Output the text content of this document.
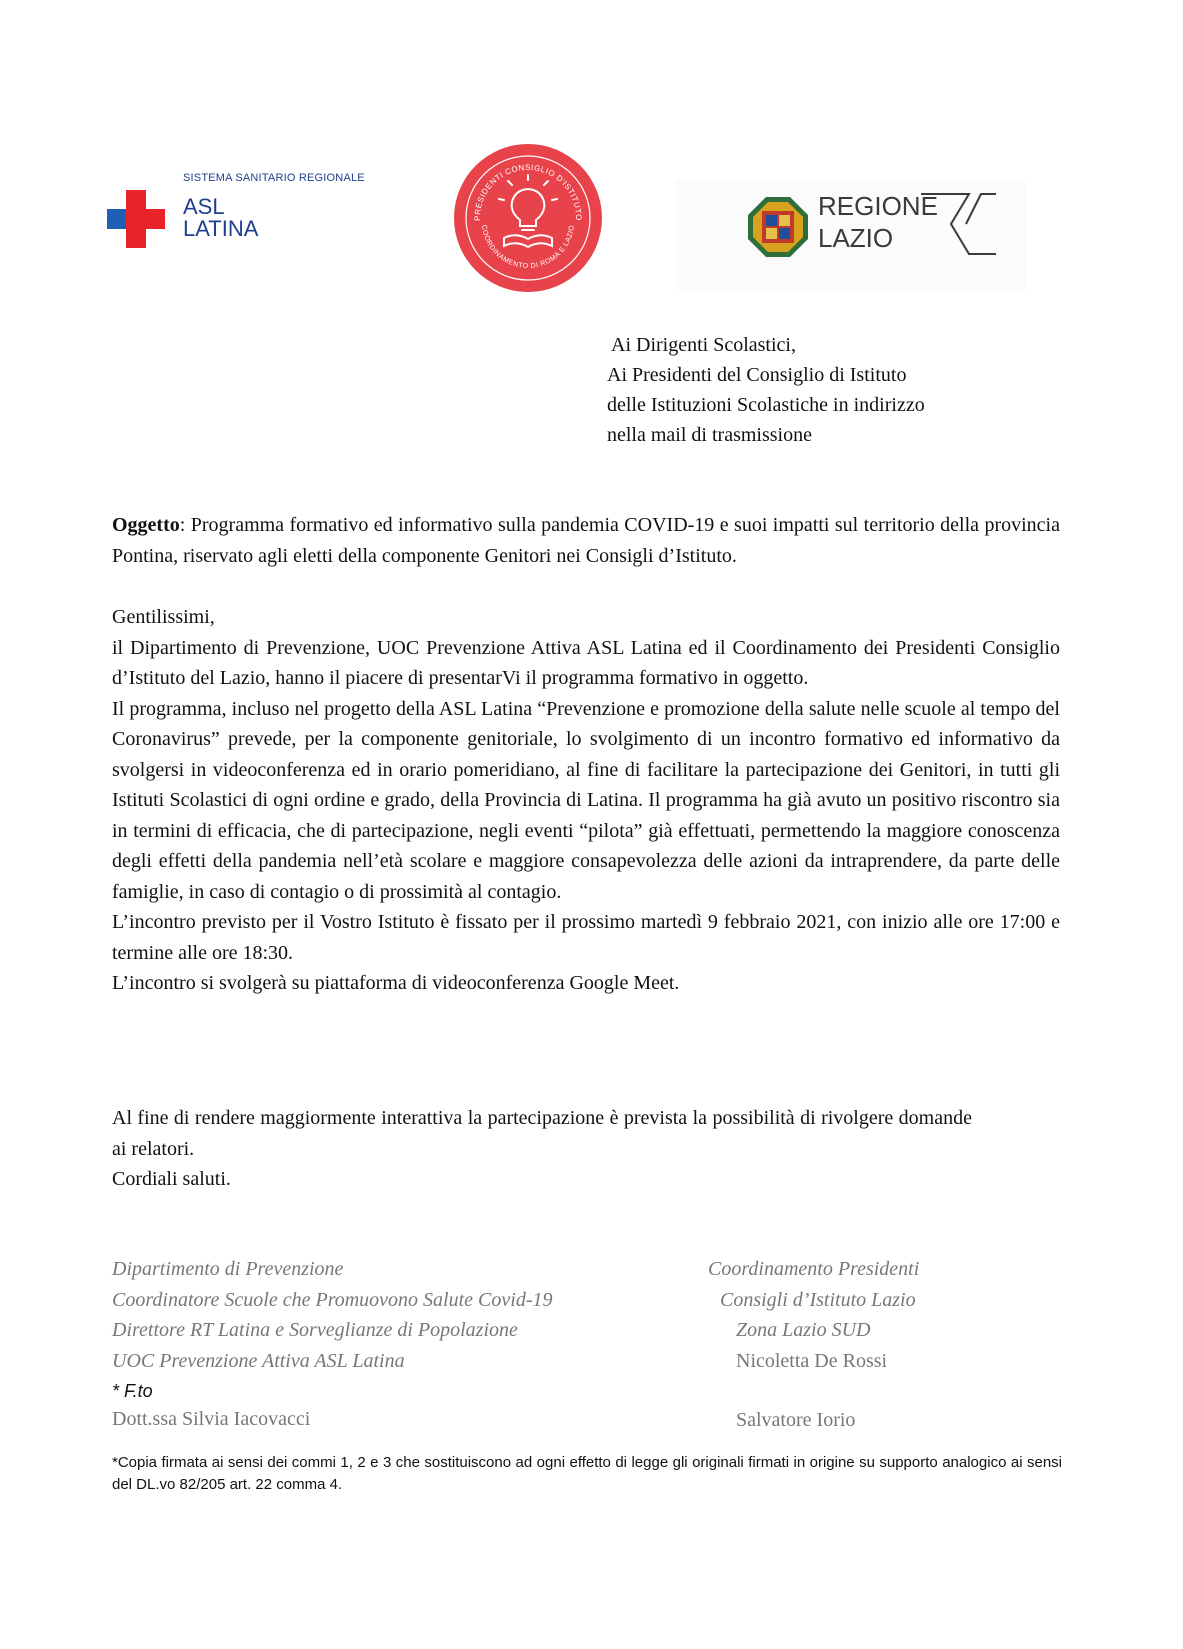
SISTEMA SANITARIO REGIONALE
ASL
LATINA	PRESIDENTI CONSIGLIO D'ISTITUTO
COORDINAMENTO DI ROMA E LAZIO
REGIONE
LAZIO
Ai Dirigenti Scolastici,
Ai Presidenti del Consiglio di Istituto
delle Istituzioni Scolastiche in indirizzo
nella mail di trasmissione
Oggetto: Programma formativo ed informativo sulla pandemia COVID-19 e suoi impatti sul territorio della provincia Pontina, riservato agli eletti della componente Genitori nei Consigli d’Istituto.

Gentilissimi,

il Dipartimento di Prevenzione, UOC Prevenzione Attiva ASL Latina ed il Coordinamento dei Presidenti Consiglio d’Istituto del Lazio, hanno il piacere di presentarVi il programma formativo in oggetto.

Il programma, incluso nel progetto della ASL Latina “Prevenzione e promozione della salute nelle scuole al tempo del Coronavirus” prevede, per la componente genitoriale, lo svolgimento di un incontro formativo ed informativo da svolgersi in videoconferenza ed in orario pomeridiano, al fine di facilitare la partecipazione dei Genitori, in tutti gli Istituti Scolastici di ogni ordine e grado, della Provincia di Latina. Il programma ha già avuto un positivo riscontro sia in termini di efficacia, che di partecipazione, negli eventi “pilota” già effettuati, permettendo la maggiore conoscenza degli effetti della pandemia nell’età scolare e maggiore consapevolezza delle azioni da intraprendere, da parte delle famiglie, in caso di contagio o di prossimità al contagio.

L’incontro previsto per il Vostro Istituto è fissato per il prossimo martedì 9 febbraio 2021, con inizio alle ore 17:00 e termine alle ore 18:30.

L’incontro si svolgerà su piattaforma di videoconferenza Google Meet.

Al fine di rendere maggiormente interattiva la partecipazione è prevista la possibilità di rivolgere domande ai relatori.

Cordiali saluti.

Dipartimento di Prevenzione
Coordinatore Scuole che Promuovono Salute Covid-19
Direttore RT Latina e Sorveglianze di Popolazione
UOC Prevenzione Attiva ASL Latina
* F.to
Dott.ssa Silvia Iacovacci
Coordinamento Presidenti
Consigli d’Istituto Lazio
Zona Lazio SUD
Nicoletta De Rossi
Salvatore Iorio
*Copia firmata ai sensi dei commi 1, 2 e 3 che sostituiscono ad ogni effetto di legge gli originali firmati in origine su supporto analogico ai sensi del DL.vo 82/205 art. 22 comma 4.
